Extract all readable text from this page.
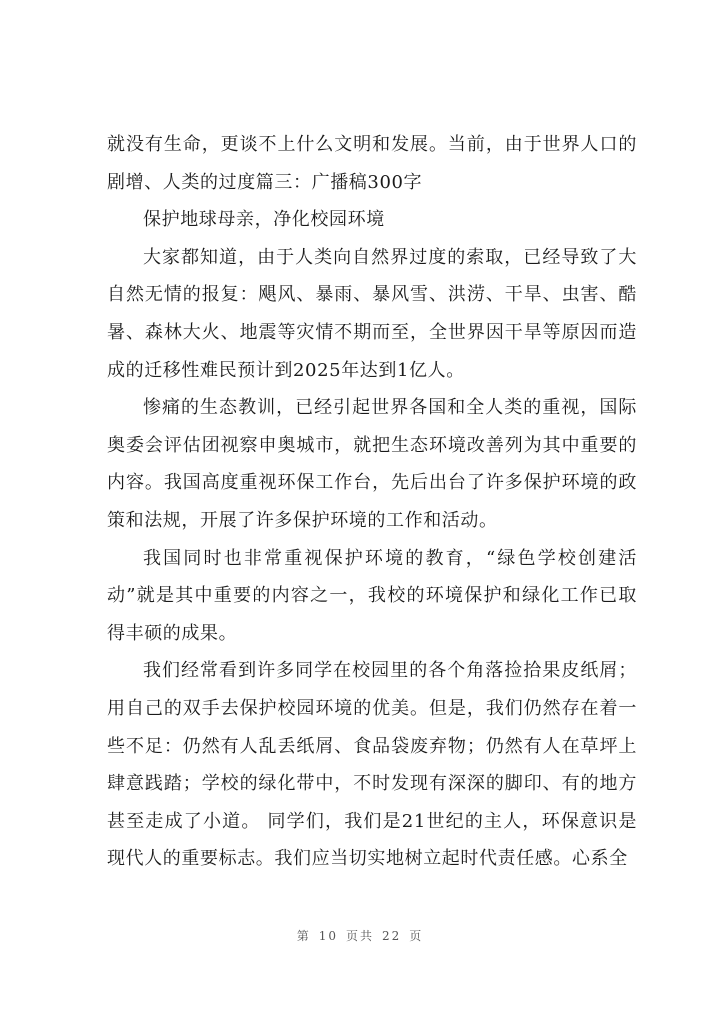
就没有生命，更谈不上什么文明和发展。当前，由于世界人口的剧增、人类的过度篇三：广播稿300字

保护地球母亲，净化校园环境

大家都知道，由于人类向自然界过度的索取，已经导致了大自然无情的报复：飓风、暴雨、暴风雪、洪涝、干旱、虫害、酷暑、森林大火、地震等灾情不期而至，全世界因干旱等原因而造成的迁移性难民预计到2025年达到1亿人。

惨痛的生态教训，已经引起世界各国和全人类的重视，国际奥委会评估团视察申奥城市，就把生态环境改善列为其中重要的内容。我国高度重视环保工作台，先后出台了许多保护环境的政策和法规，开展了许多保护环境的工作和活动。

我国同时也非常重视保护环境的教育，“绿色学校创建活动”就是其中重要的内容之一，我校的环境保护和绿化工作已取得丰硕的成果。

我们经常看到许多同学在校园里的各个角落捡拾果皮纸屑；用自己的双手去保护校园环境的优美。但是，我们仍然存在着一些不足：仍然有人乱丢纸屑、食品袋废弃物；仍然有人在草坪上肆意践踏；学校的绿化带中，不时发现有深深的脚印、有的地方甚至走成了小道。 同学们，我们是21世纪的主人，环保意识是现代人的重要标志。我们应当切实地树立起时代责任感。心系全

第 10 页共 22 页
